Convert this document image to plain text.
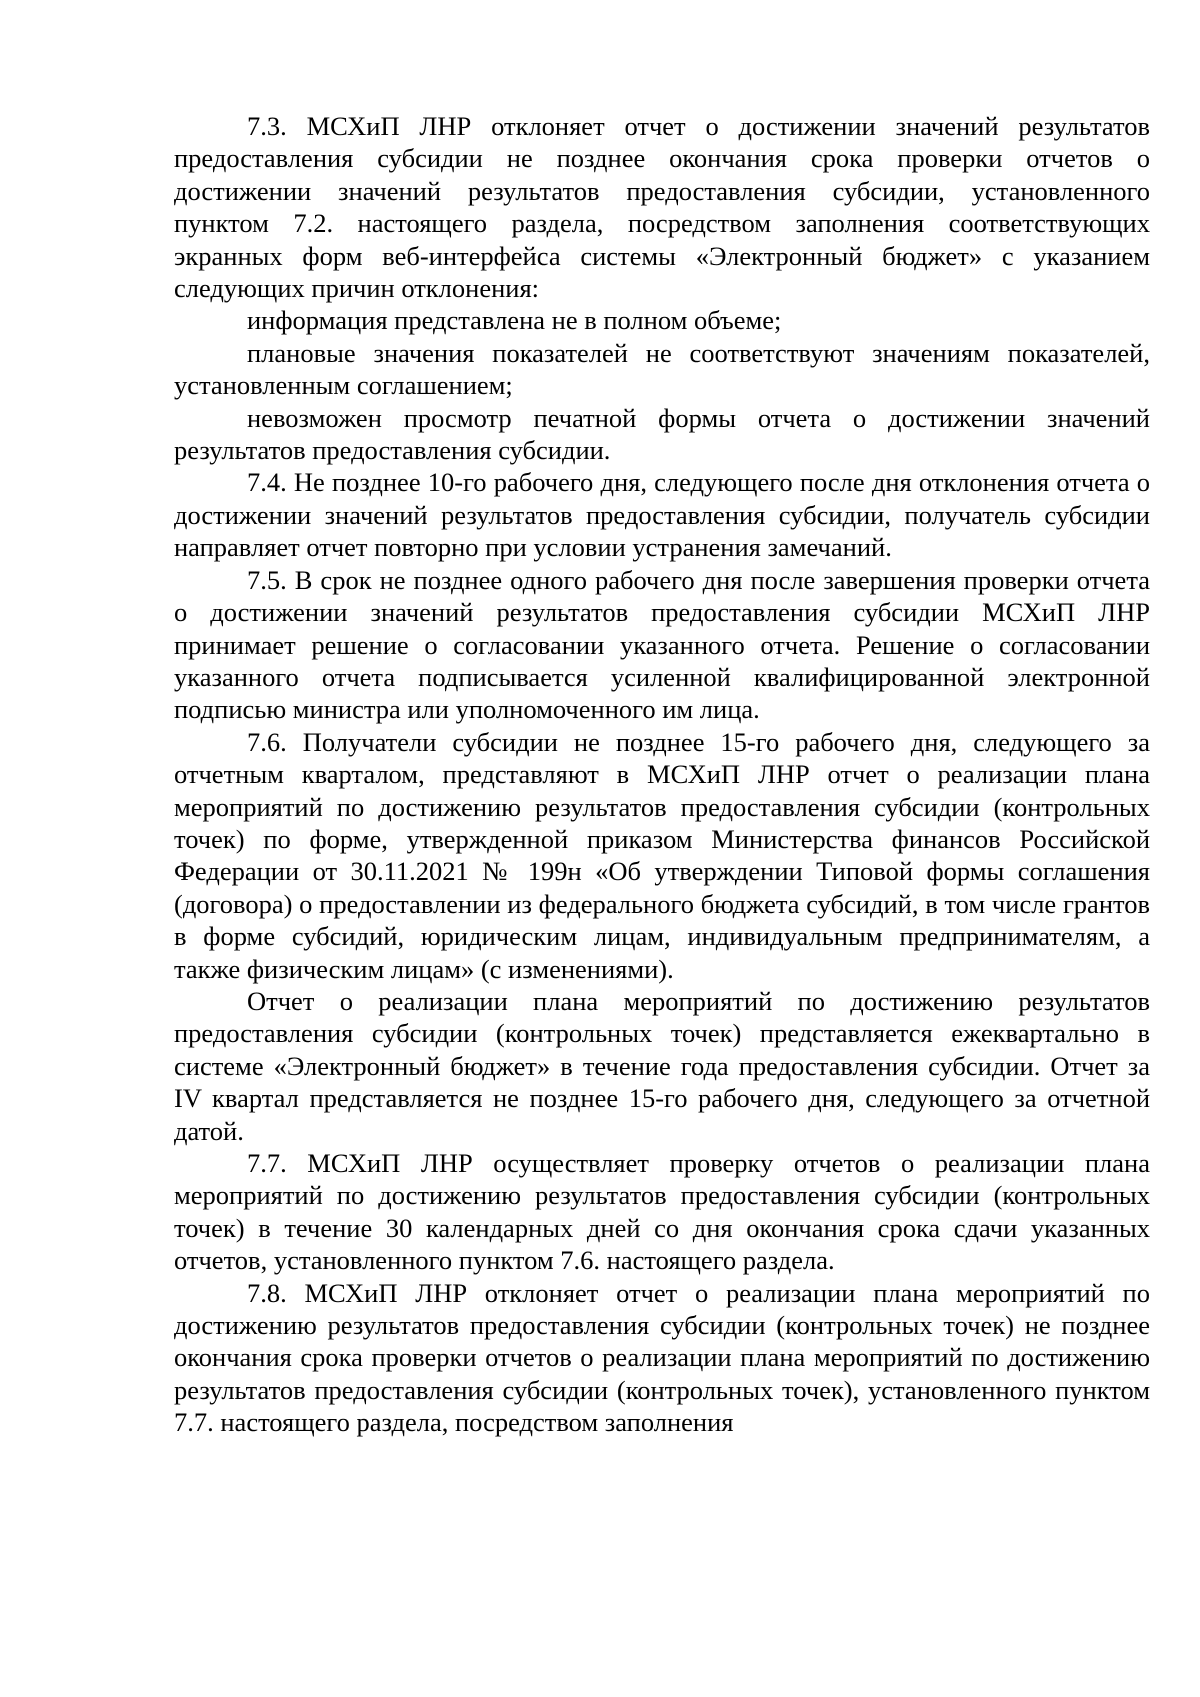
7.3. МСХиП ЛНР отклоняет отчет о достижении значений результатов предоставления субсидии не позднее окончания срока проверки отчетов о достижении значений результатов предоставления субсидии, установленного пунктом 7.2. настоящего раздела, посредством заполнения соответствующих экранных форм веб-интерфейса системы «Электронный бюджет» с указанием следующих причин отклонения:

информация представлена не в полном объеме;

плановые значения показателей не соответствуют значениям показателей, установленным соглашением;

невозможен просмотр печатной формы отчета о достижении значений результатов предоставления субсидии.

7.4. Не позднее 10-го рабочего дня, следующего после дня отклонения отчета о достижении значений результатов предоставления субсидии, получатель субсидии направляет отчет повторно при условии устранения замечаний.

7.5. В срок не позднее одного рабочего дня после завершения проверки отчета о достижении значений результатов предоставления субсидии МСХиП ЛНР принимает решение о согласовании указанного отчета. Решение о согласовании указанного отчета подписывается усиленной квалифицированной электронной подписью министра или уполномоченного им лица.

7.6. Получатели субсидии не позднее 15-го рабочего дня, следующего за отчетным кварталом, представляют в МСХиП ЛНР отчет о реализации плана мероприятий по достижению результатов предоставления субсидии (контрольных точек) по форме, утвержденной приказом Министерства финансов Российской Федерации от 30.11.2021 № 199н «Об утверждении Типовой формы соглашения (договора) о предоставлении из федерального бюджета субсидий, в том числе грантов в форме субсидий, юридическим лицам, индивидуальным предпринимателям, а также физическим лицам» (с изменениями).

Отчет о реализации плана мероприятий по достижению результатов предоставления субсидии (контрольных точек) представляется ежеквартально в системе «Электронный бюджет» в течение года предоставления субсидии. Отчет за IV квартал представляется не позднее 15-го рабочего дня, следующего за отчетной датой.

7.7. МСХиП ЛНР осуществляет проверку отчетов о реализации плана мероприятий по достижению результатов предоставления субсидии (контрольных точек) в течение 30 календарных дней со дня окончания срока сдачи указанных отчетов, установленного пунктом 7.6. настоящего раздела.

7.8. МСХиП ЛНР отклоняет отчет о реализации плана мероприятий по достижению результатов предоставления субсидии (контрольных точек) не позднее окончания срока проверки отчетов о реализации плана мероприятий по достижению результатов предоставления субсидии (контрольных точек), установленного пунктом 7.7. настоящего раздела, посредством заполнения
